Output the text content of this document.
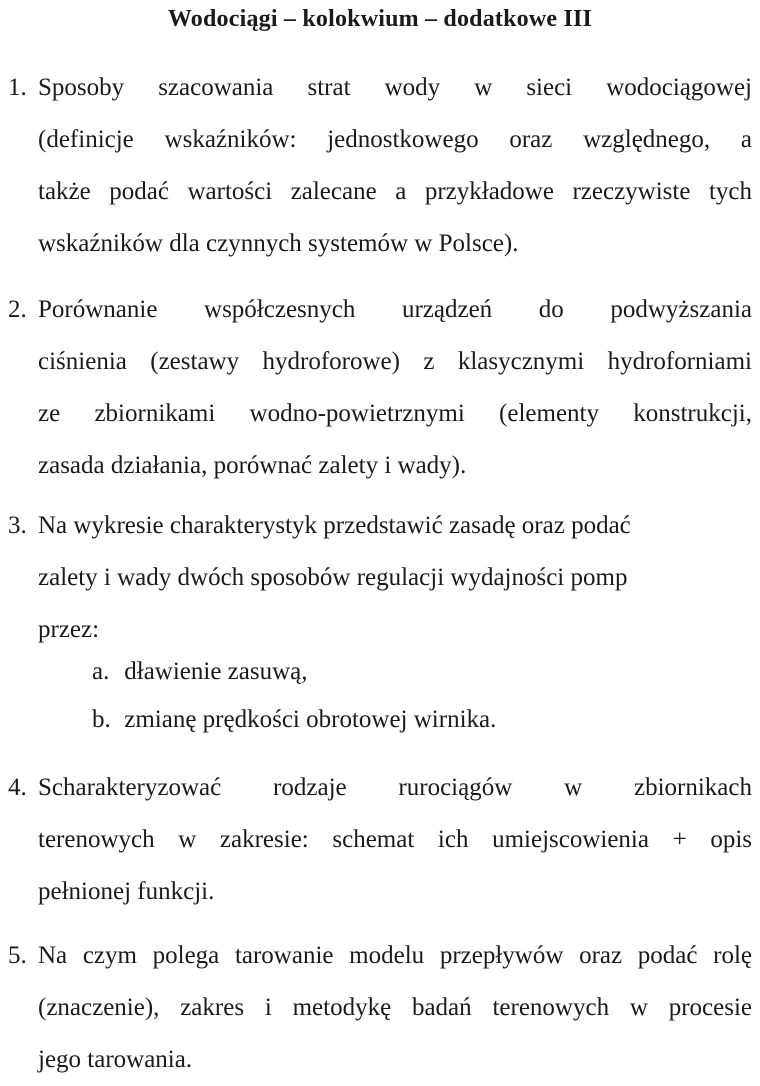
Wodociągi – kolokwium – dodatkowe III
1. Sposoby szacowania strat wody w sieci wodociągowej
(definicje wskaźników: jednostkowego oraz względnego, a
także podać wartości zalecane a przykładowe rzeczywiste tych
wskaźników dla czynnych systemów w Polsce).
2. Porównanie współczesnych urządzeń do podwyższania
ciśnienia (zestawy hydroforowe) z klasycznymi hydroforniami
ze zbiornikami wodno-powietrznymi (elementy konstrukcji,
zasada działania, porównać zalety i wady).
3. Na wykresie charakterystyk przedstawić zasadę oraz podać
zalety i wady dwóch sposobów regulacji wydajności pomp
przez:
a. dławienie zasuwą,
b. zmianę prędkości obrotowej wirnika.
4. Scharakteryzować rodzaje rurociągów w zbiornikach
terenowych w zakresie: schemat ich umiejscowienia + opis
pełnionej funkcji.
5. Na czym polega tarowanie modelu przepływów oraz podać rolę
(znaczenie), zakres i metodykę badań terenowych w procesie
jego tarowania.
